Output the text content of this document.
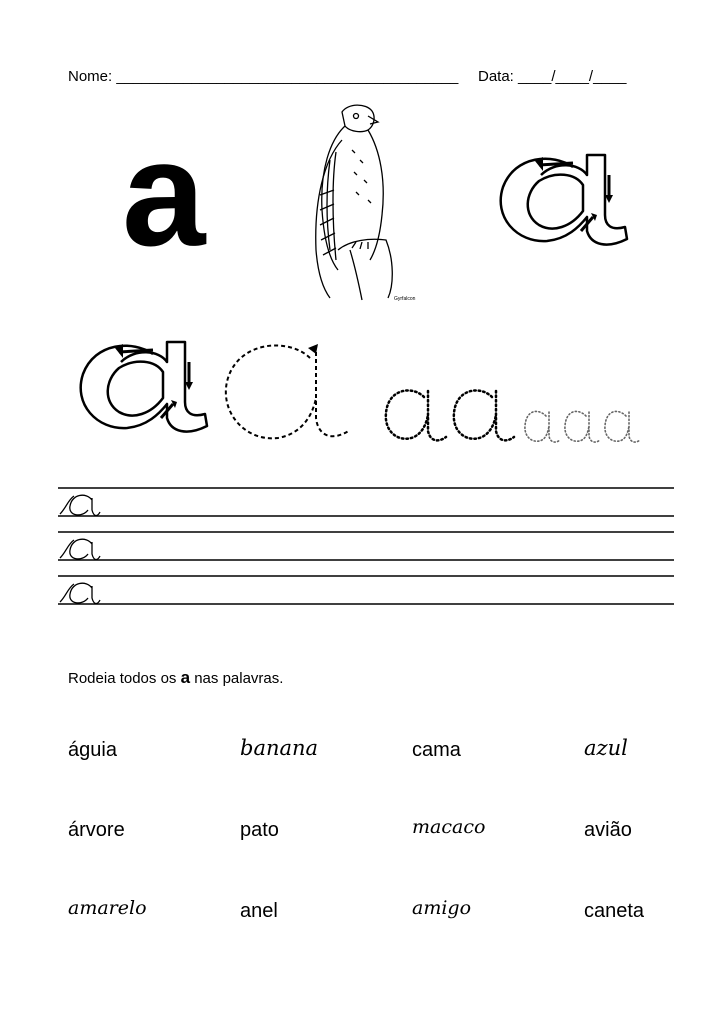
Nome: _________________________________________ Data: ____/____/____
a
Gyrfalcon
Rodeia todos os a nas palavras.
águia	banana	cama	azul
árvore	pato	macaco	avião
amarelo	anel	amigo	caneta
